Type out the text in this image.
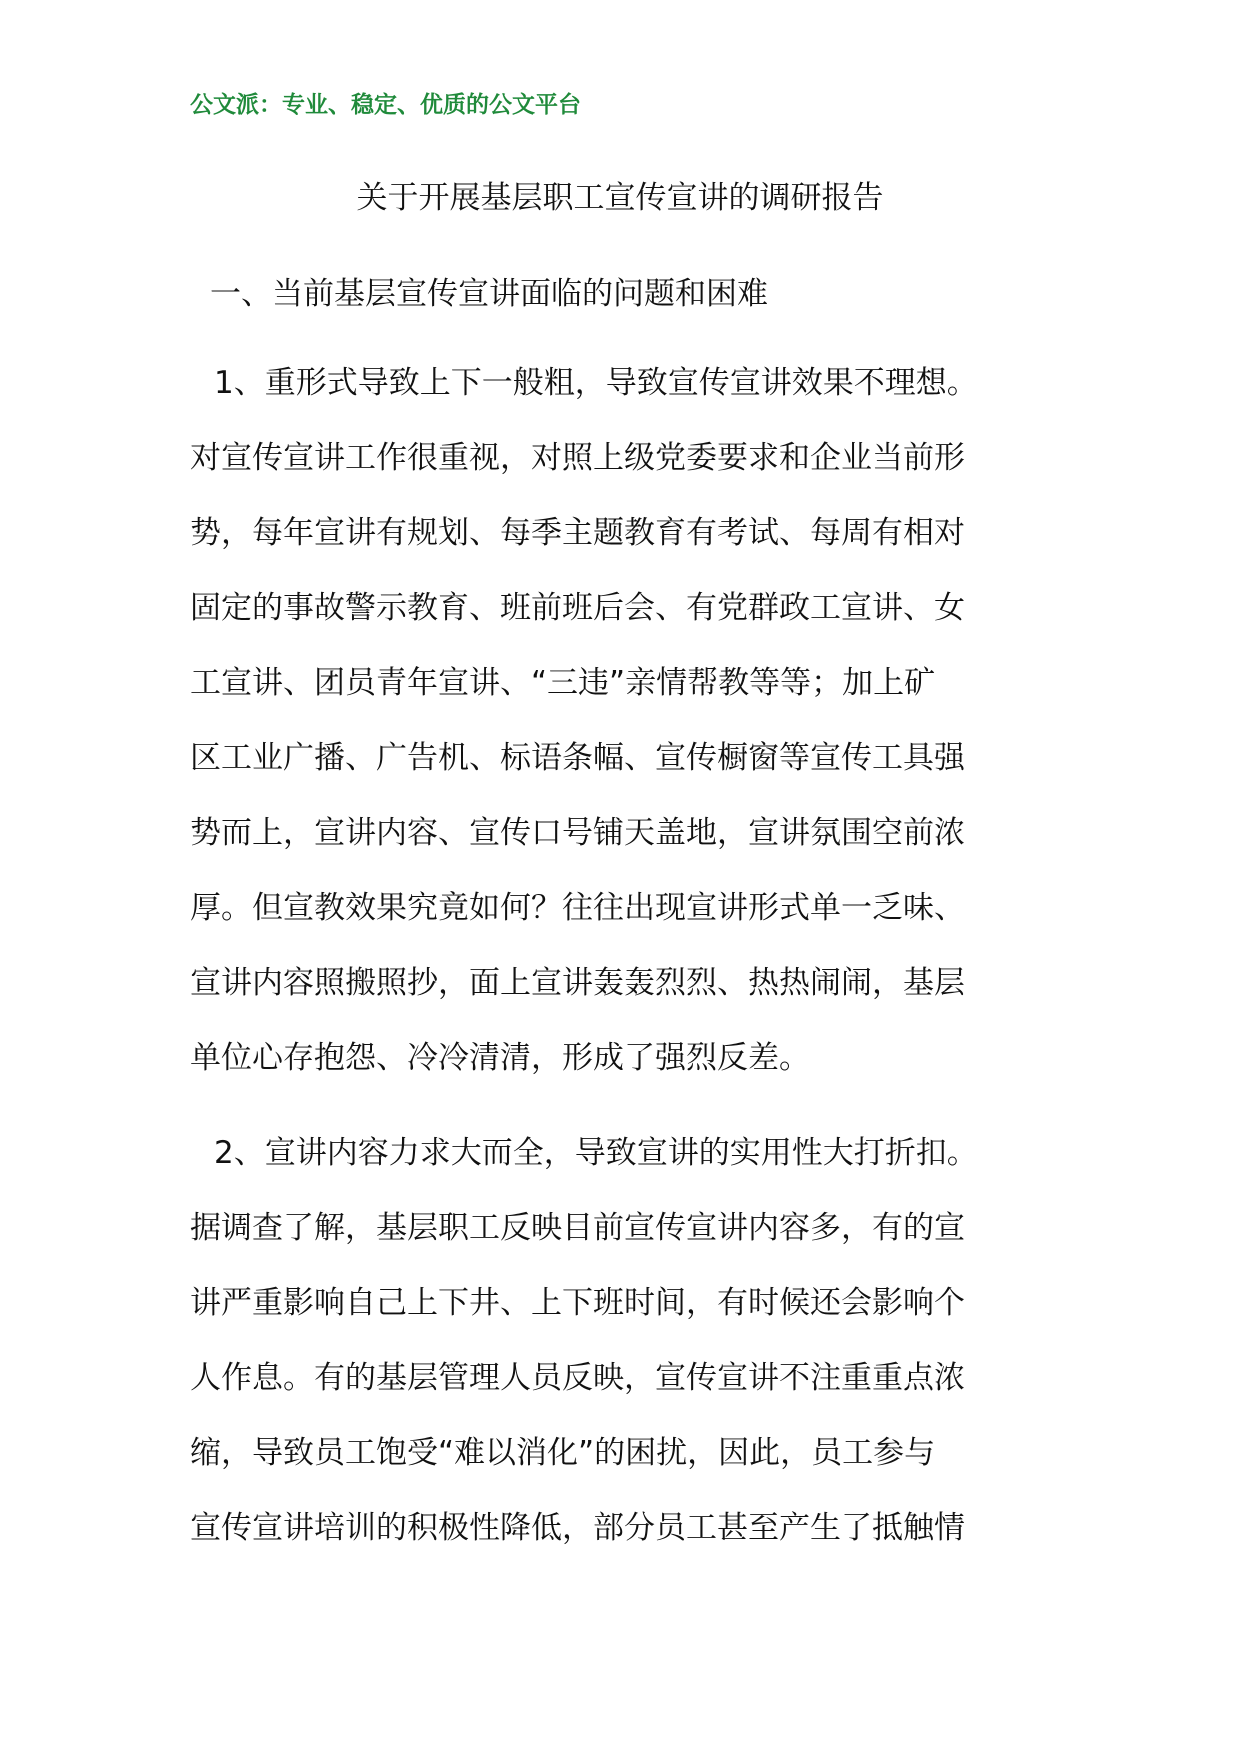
公文派：专业、稳定、优质的公文平台
关于开展基层职工宣传宣讲的调研报告
一、当前基层宣传宣讲面临的问题和困难
1、重形式导致上下一般粗，导致宣传宣讲效果不理想。
对宣传宣讲工作很重视，对照上级党委要求和企业当前形
势，每年宣讲有规划、每季主题教育有考试、每周有相对
固定的事故警示教育、班前班后会、有党群政工宣讲、女
工宣讲、团员青年宣讲、“三违”亲情帮教等等；加上矿
区工业广播、广告机、标语条幅、宣传橱窗等宣传工具强
势而上，宣讲内容、宣传口号铺天盖地，宣讲氛围空前浓
厚。但宣教效果究竟如何？往往出现宣讲形式单一乏味、
宣讲内容照搬照抄，面上宣讲轰轰烈烈、热热闹闹，基层
单位心存抱怨、冷冷清清，形成了强烈反差。
2、宣讲内容力求大而全，导致宣讲的实用性大打折扣。
据调查了解，基层职工反映目前宣传宣讲内容多，有的宣
讲严重影响自己上下井、上下班时间，有时候还会影响个
人作息。有的基层管理人员反映，宣传宣讲不注重重点浓
缩，导致员工饱受“难以消化”的困扰，因此，员工参与
宣传宣讲培训的积极性降低，部分员工甚至产生了抵触情
